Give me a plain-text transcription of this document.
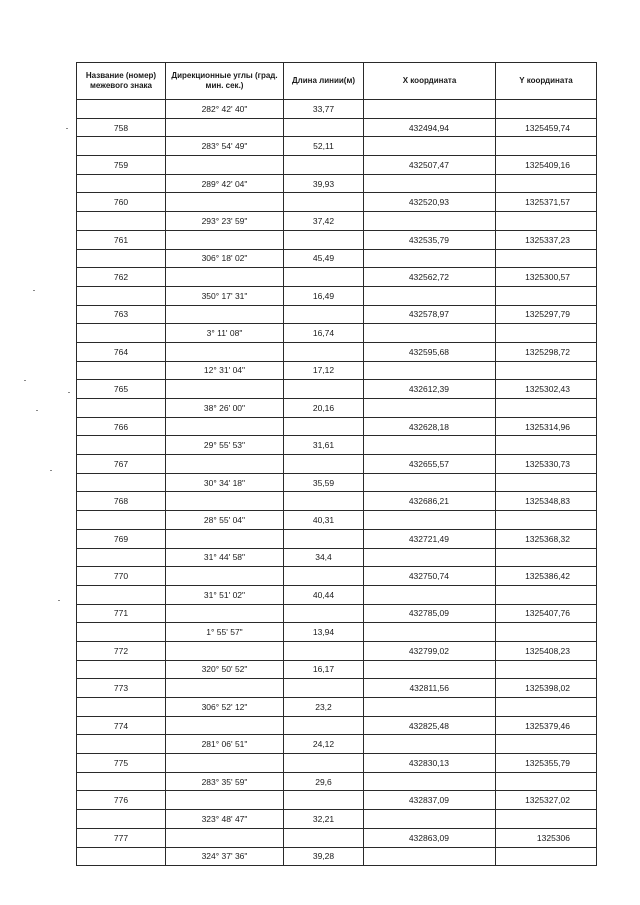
Название (номер) межевого знака	Дирекционные углы (град. мин. сек.)	Длина линии(м)	X координата	Y координата
	282° 42' 40"	33,77		
758			432494,94	1325459,74
	283° 54' 49"	52,11		
759			432507,47	1325409,16
	289° 42' 04"	39,93		
760			432520,93	1325371,57
	293° 23' 59"	37,42		
761			432535,79	1325337,23
	306° 18' 02"	45,49		
762			432562,72	1325300,57
	350° 17' 31"	16,49		
763			432578,97	1325297,79
	3° 11' 08"	16,74		
764			432595,68	1325298,72
	12° 31' 04"	17,12		
765			432612,39	1325302,43
	38° 26' 00"	20,16		
766			432628,18	1325314,96
	29° 55' 53"	31,61		
767			432655,57	1325330,73
	30° 34' 18"	35,59		
768			432686,21	1325348,83
	28° 55' 04"	40,31		
769			432721,49	1325368,32
	31° 44' 58"	34,4		
770			432750,74	1325386,42
	31° 51' 02"	40,44		
771			432785,09	1325407,76
	1° 55' 57"	13,94		
772			432799,02	1325408,23
	320° 50' 52"	16,17		
773			432811,56	1325398,02
	306° 52' 12"	23,2		
774			432825,48	1325379,46
	281° 06' 51"	24,12		
775			432830,13	1325355,79
	283° 35' 59"	29,6		
776			432837,09	1325327,02
	323° 48' 47"	32,21		
777			432863,09	1325306
	324° 37' 36"	39,28		
